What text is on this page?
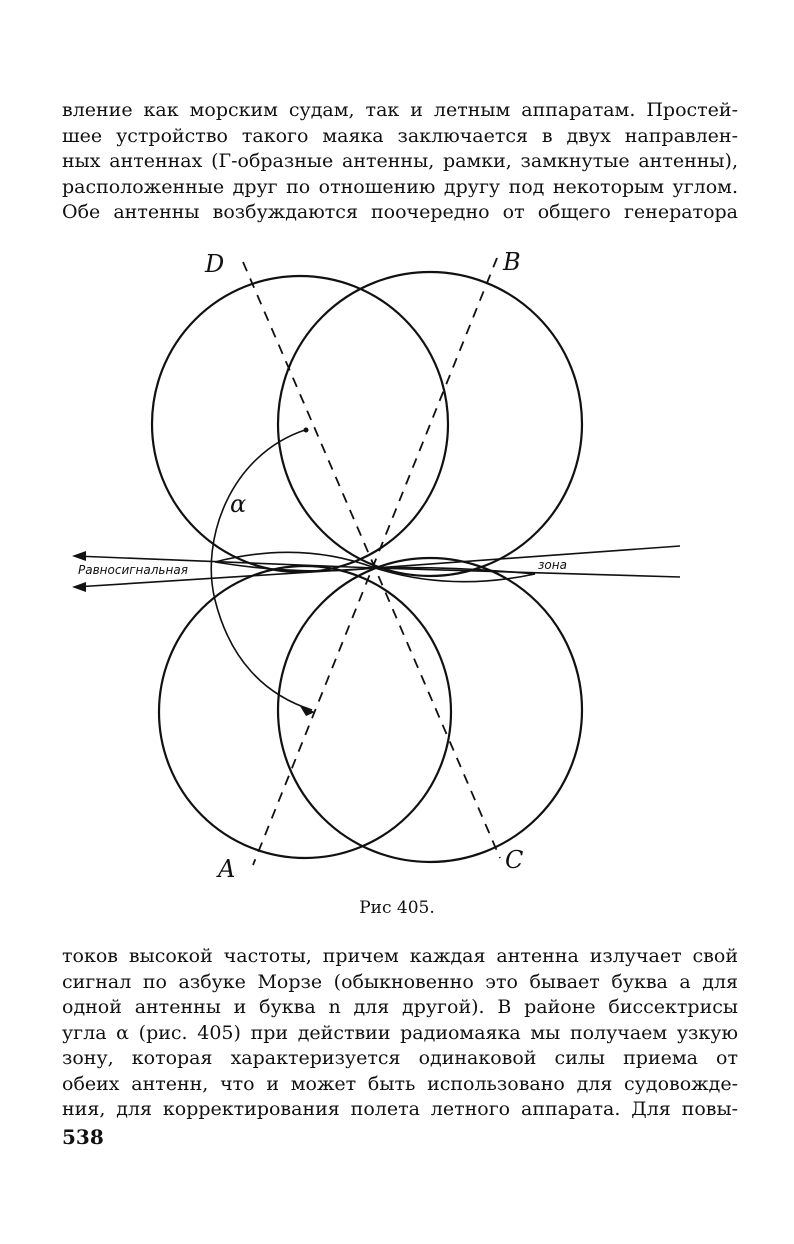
вление как морским судам, так и летным аппаратам. Простей-
шее устройство такого маяка заключается в двух направлен-
ных антеннах (Г-образные антенны, рамки, замкнутые антенны),
расположенные друг по отношению другу под некоторым углом.
Обе антенны возбуждаются поочередно от общего генератора
D	B
A	C
α
Равносигнальная	зона
Рис 405.
токов высокой частоты, причем каждая антенна излучает свой
сигнал по азбуке Морзе (обыкновенно это бывает буква a для
одной антенны и буква n для другой). В районе биссектрисы
угла α (рис. 405) при действии радиомаяка мы получаем узкую
зону, которая характеризуется одинаковой силы приема от
обеих антенн, что и может быть использовано для судовожде-
ния, для корректирования полета летного аппарата. Для повы-
538
